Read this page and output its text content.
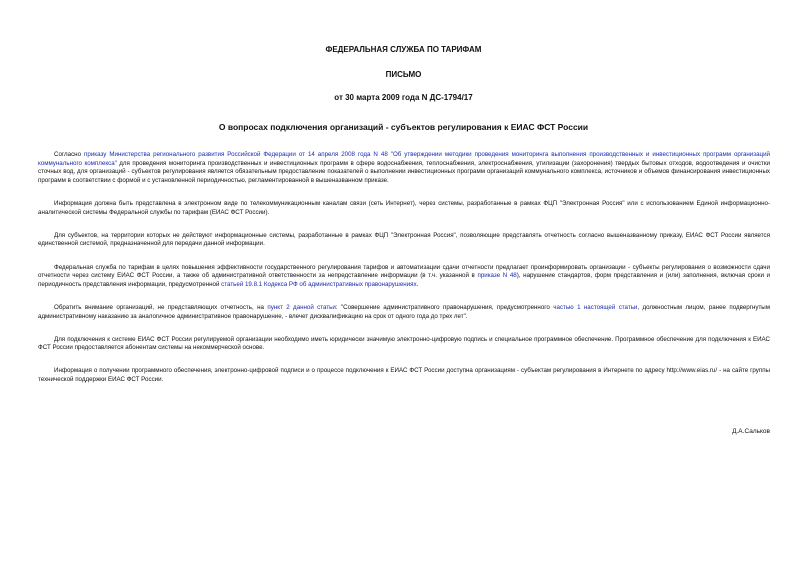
ФЕДЕРАЛЬНАЯ СЛУЖБА ПО ТАРИФАМ

ПИСЬМО

от 30 марта 2009 года N ДС-1794/17

О вопросах подключения организаций - субъектов регулирования к ЕИАС ФСТ России

Согласно приказу Министерства регионального развития Российской Федерации от 14 апреля 2008 года N 48 "Об утверждении методики проведения мониторинга выполнения производственных и инвестиционных программ организаций коммунального комплекса" для проведения мониторинга производственных и инвестиционных программ в сфере водоснабжения, теплоснабжения, электроснабжения, утилизации (захоронения) твердых бытовых отходов, водоотведения и очистки сточных вод, для организаций - субъектов регулирования является обязательным предоставление показателей о выполнении инвестиционных программ организаций коммунального комплекса, источников и объемов финансирования инвестиционных программ в соответствии с формой и с установленной периодичностью, регламентированной в вышеназванном приказе.

Информация должна быть представлена в электронном виде по телекоммуникационным каналам связи (сеть Интернет), через системы, разработанные в рамках ФЦП "Электронная Россия" или с использованием Единой информационно-аналитической системы Федеральной службы по тарифам (ЕИАС ФСТ России).

Для субъектов, на территории которых не действуют информационные системы, разработанные в рамках ФЦП "Электронная Россия", позволяющие представлять отчетность согласно вышеназванному приказу, ЕИАС ФСТ России является единственной системой, предназначенной для передачи данной информации.

Федеральная служба по тарифам в целях повышения эффективности государственного регулирования тарифов и автоматизации сдачи отчетности предлагает проинформировать организации - субъекты регулирования о возможности сдачи отчетности через систему ЕИАС ФСТ России, а также об административной ответственности за непредставление информации (в т.ч. указанной в приказе N 48), нарушение стандартов, форм представления и (или) заполнения, включая сроки и периодичность представления информации, предусмотренной статьей 19.8.1 Кодекса РФ об административных правонарушениях.

Обратить внимание организаций, не представляющих отчетность, на пункт 2 данной статьи: "Совершение административного правонарушения, предусмотренного частью 1 настоящей статьи, должностным лицом, ранее подвергнутым административному наказанию за аналогичное административное правонарушение, - влечет дисквалификацию на срок от одного года до трех лет".

Для подключения к системе ЕИАС ФСТ России регулируемой организации необходимо иметь юридически значимую электронно-цифровую подпись и специальное программное обеспечение. Программное обеспечение для подключения к ЕИАС ФСТ России предоставляется абонентам системы на некоммерческой основе.

Информация о получении программного обеспечения, электронно-цифровой подписи и о процессе подключения к ЕИАС ФСТ России доступна организациям - субъектам регулирования в Интернете по адресу http://www.eias.ru/ - на сайте группы технической поддержки ЕИАС ФСТ России.

Д.А.Сальков
